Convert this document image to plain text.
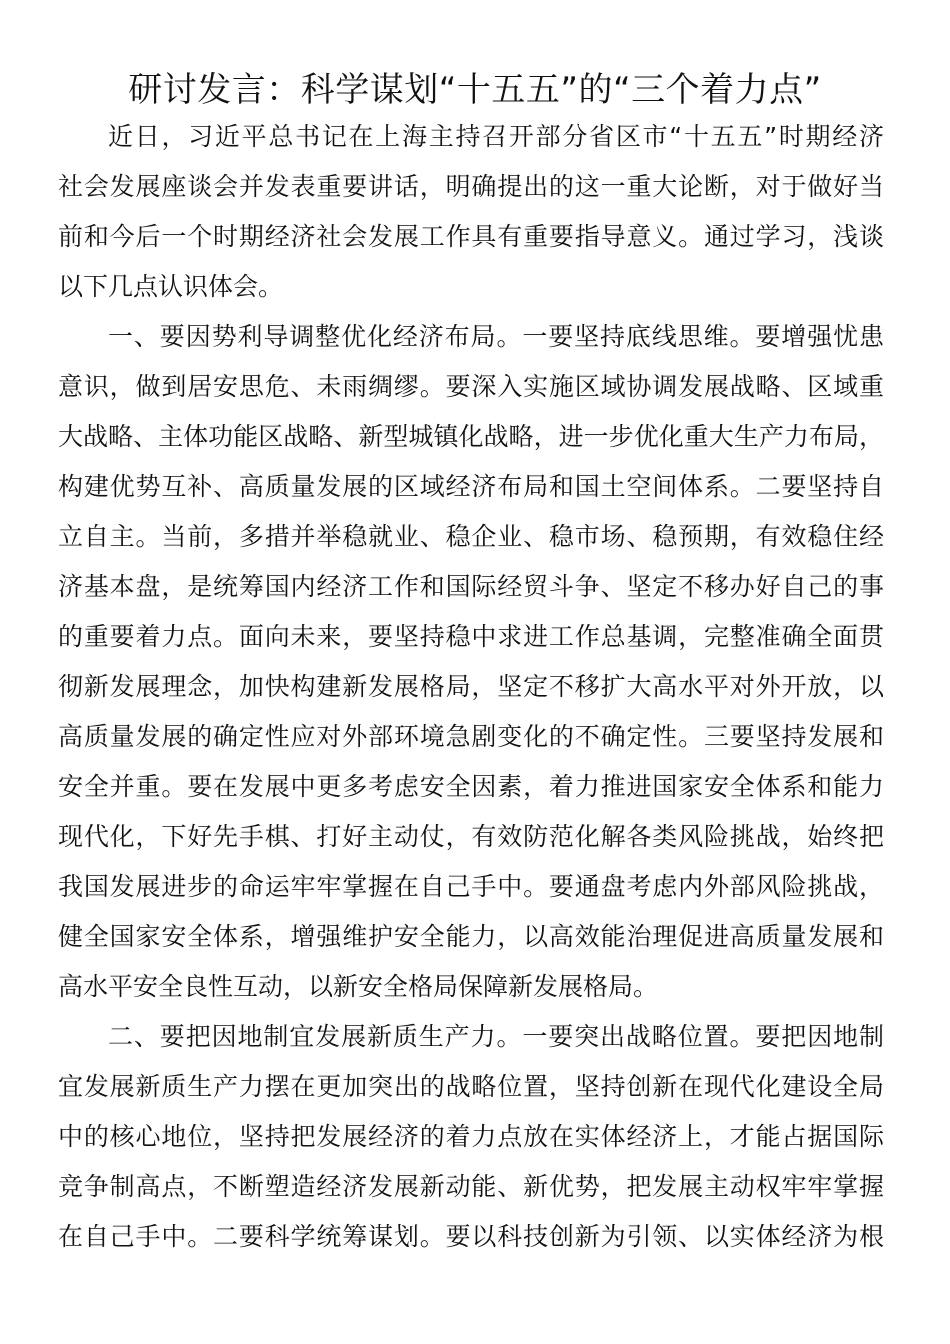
研讨发言：科学谋划“十五五”的“三个着力点”
近日，习近平总书记在上海主持召开部分省区市“十五五”时期经济
社会发展座谈会并发表重要讲话，明确提出的这一重大论断，对于做好当
前和今后一个时期经济社会发展工作具有重要指导意义。通过学习，浅谈
以下几点认识体会。
一、要因势利导调整优化经济布局。一要坚持底线思维。要增强忧患
意识，做到居安思危、未雨绸缪。要深入实施区域协调发展战略、区域重
大战略、主体功能区战略、新型城镇化战略，进一步优化重大生产力布局，
构建优势互补、高质量发展的区域经济布局和国土空间体系。二要坚持自
立自主。当前，多措并举稳就业、稳企业、稳市场、稳预期，有效稳住经
济基本盘，是统筹国内经济工作和国际经贸斗争、坚定不移办好自己的事
的重要着力点。面向未来，要坚持稳中求进工作总基调，完整准确全面贯
彻新发展理念，加快构建新发展格局，坚定不移扩大高水平对外开放，以
高质量发展的确定性应对外部环境急剧变化的不确定性。三要坚持发展和
安全并重。要在发展中更多考虑安全因素，着力推进国家安全体系和能力
现代化，下好先手棋、打好主动仗，有效防范化解各类风险挑战，始终把
我国发展进步的命运牢牢掌握在自己手中。要通盘考虑内外部风险挑战，
健全国家安全体系，增强维护安全能力，以高效能治理促进高质量发展和
高水平安全良性互动，以新安全格局保障新发展格局。
二、要把因地制宜发展新质生产力。一要突出战略位置。要把因地制
宜发展新质生产力摆在更加突出的战略位置，坚持创新在现代化建设全局
中的核心地位，坚持把发展经济的着力点放在实体经济上，才能占据国际
竞争制高点，不断塑造经济发展新动能、新优势，把发展主动权牢牢掌握
在自己手中。二要科学统筹谋划。要以科技创新为引领、以实体经济为根
